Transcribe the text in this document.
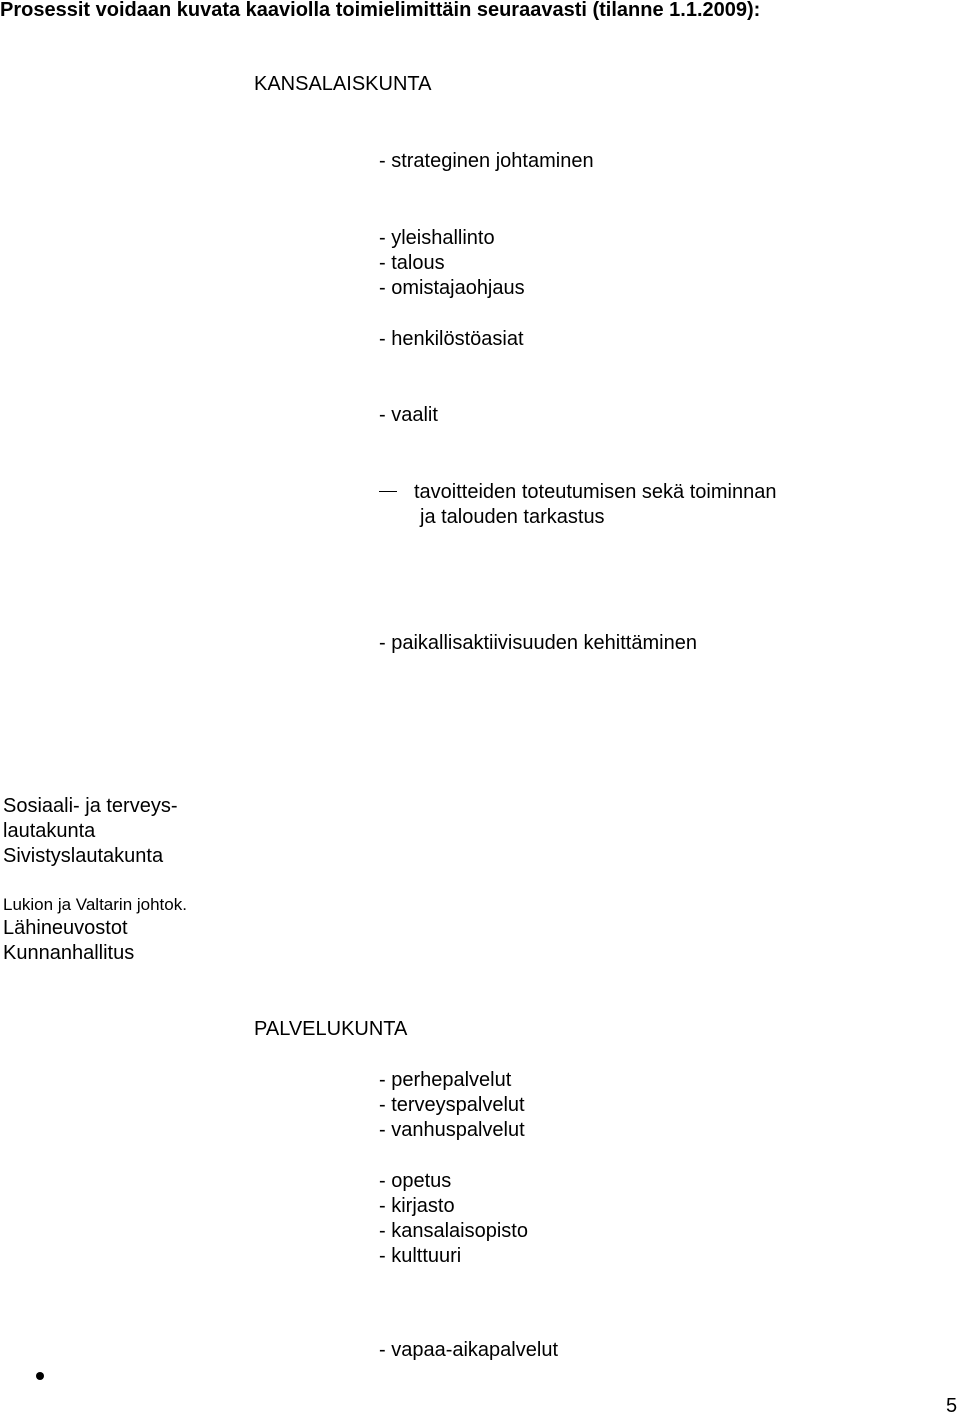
Prosessit voidaan kuvata kaaviolla toimielimittäin seuraavasti (tilanne 1.1.2009):
KANSALAISKUNTA
- strateginen johtaminen
- yleishallinto
- talous
- omistajaohjaus
- henkilöstöasiat
- vaalit
tavoitteiden toteutumisen sekä toiminnan
ja talouden tarkastus
- paikallisaktiivisuuden kehittäminen
Sosiaali- ja terveys-
lautakunta
Sivistyslautakunta
Lukion ja Valtarin johtok.
Lähineuvostot
Kunnanhallitus
PALVELUKUNTA
- perhepalvelut
- terveyspalvelut
- vanhuspalvelut
- opetus
- kirjasto
- kansalaisopisto
- kulttuuri
- vapaa-aikapalvelut
5
